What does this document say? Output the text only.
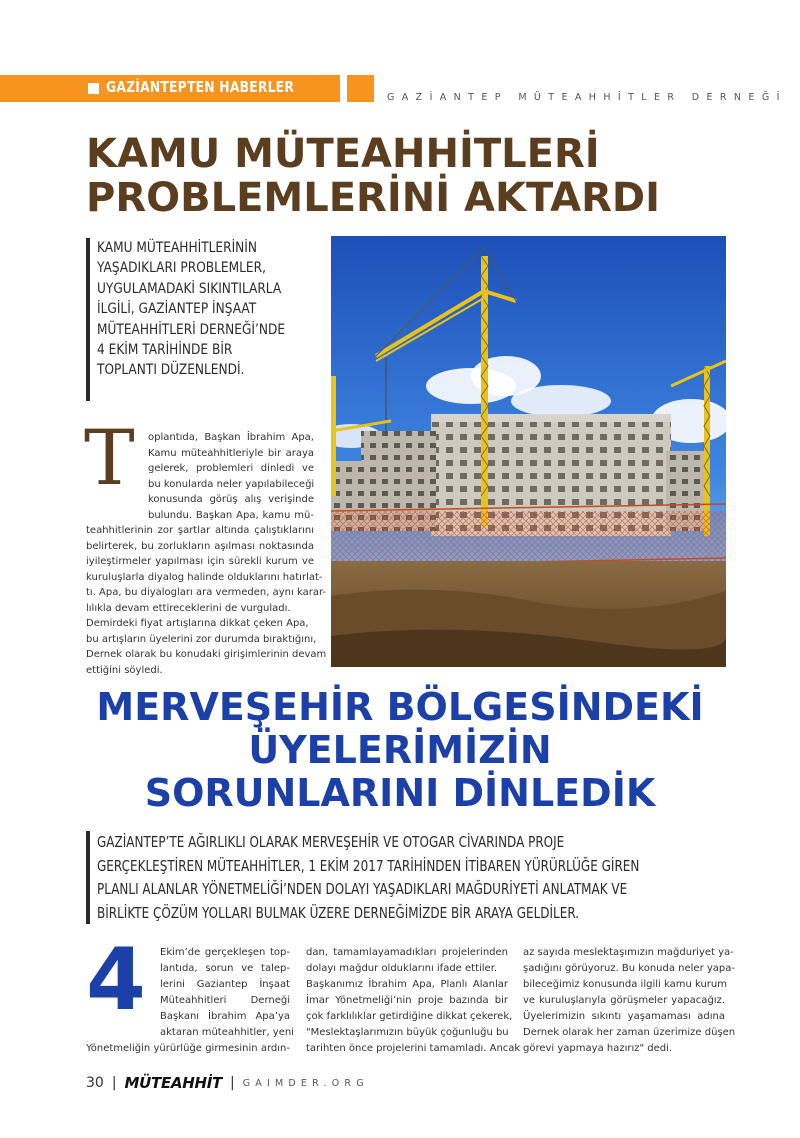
GAZİANTEPTEN HABERLER
GAZİANTEP MÜTEAHHİTLER DERNEĞİ
KAMU MÜTEAHHİTLERİ
PROBLEMLERİNİ AKTARDI
KAMU MÜTEAHHİTLERİNİN
YAŞADIKLARI PROBLEMLER,
UYGULAMADAKİ SIKINTILARLA
İLGİLİ, GAZİANTEP İNŞAAT
MÜTEAHHİTLERİ DERNEĞİ’NDE
4 EKİM TARİHİNDE BİR
TOPLANTI DÜZENLENDİ.
T	oplantıda, Başkan İbrahim Apa,
Kamu müteahhitleriyle bir araya
gelerek, problemleri dinledi ve
bu konularda neler yapılabileceği
konusunda görüş alış verişinde
bulundu. Başkan Apa, kamu mü-
teahhitlerinin zor şartlar altında çalıştıklarını
belirterek, bu zorlukların aşılması noktasında
iyileştirmeler yapılması için sürekli kurum ve
kuruluşlarla diyalog halinde olduklarını hatırlat-
tı. Apa, bu diyalogları ara vermeden, aynı karar-
lılıkla devam ettireceklerini de vurguladı.
Demirdeki fiyat artışlarına dikkat çeken Apa,
bu artışların üyelerini zor durumda bıraktığını,
Dernek olarak bu konudaki girişimlerinin devam
ettiğini söyledi.
MERVEŞEHİR BÖLGESİNDEKİ
ÜYELERİMİZİN
SORUNLARINI DİNLEDİK
GAZİANTEP’TE AĞIRLIKLI OLARAK MERVEŞEHİR VE OTOGAR CİVARINDA PROJE
GERÇEKLEŞTİREN MÜTEAHHİTLER, 1 EKİM 2017 TARİHİNDEN İTİBAREN YÜRÜRLÜĞE GİREN
PLANLI ALANLAR YÖNETMELİĞİ’NDEN DOLAYI YAŞADIKLARI MAĞDURİYETİ ANLATMAK VE
BİRLİKTE ÇÖZÜM YOLLARI BULMAK ÜZERE DERNEĞİMİZDE BİR ARAYA GELDİLER.
4 Ekim’de gerçekleşen top-
lantıda, sorun ve talep-
lerini Gaziantep İnşaat
Müteahhitleri Derneği
Başkanı İbrahim Apa’ya
aktaran müteahhitler, yeni
Yönetmeliğin yürürlüğe girmesinin ardın-
dan, tamamlayamadıkları projelerinden
dolayı mağdur olduklarını ifade ettiler.
Başkanımız İbrahim Apa, Planlı Alanlar
İmar Yönetmeliği’nin proje bazında bir
çok farklılıklar getirdiğine dikkat çekerek,
"Meslektaşlarımızın büyük çoğunluğu bu
tarihten önce projelerini tamamladı. Ancak
az sayıda meslektaşımızın mağduriyet ya-
şadığını görüyoruz. Bu konuda neler yapa-
bileceğimiz konusunda ilgili kamu kurum
ve kuruluşlarıyla görüşmeler yapacağız.
Üyelerimizin sıkıntı yaşamaması adına
Dernek olarak her zaman üzerimize düşen
görevi yapmaya hazırız" dedi.
30 | MÜTEAHHİT | GAIMDER.ORG
